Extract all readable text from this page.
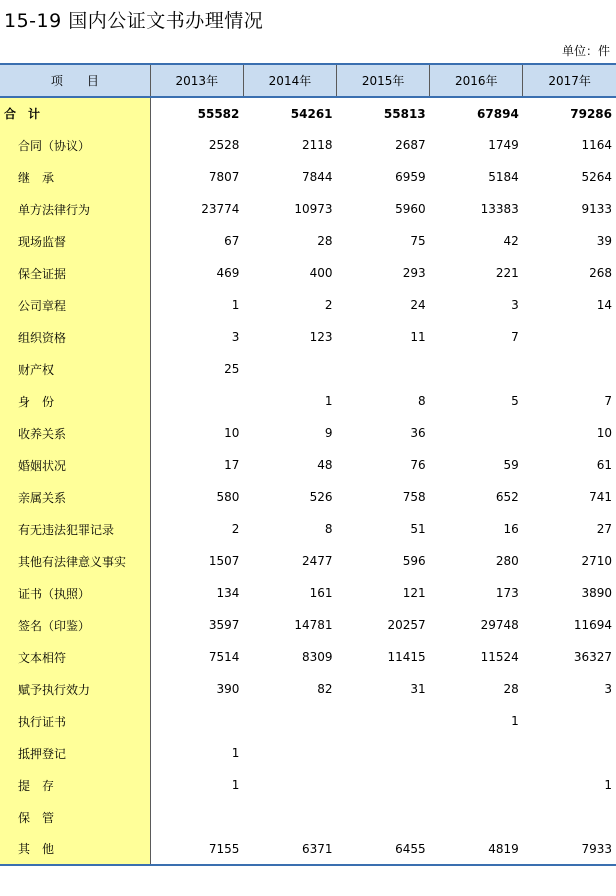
15-19 国内公证文书办理情况
单位：件
项　　目	2013年	2014年	2015年	2016年	2017年
合　计	55582	54261	55813	67894	79286
合同（协议）	2528	2118	2687	1749	1164
继　承	7807	7844	6959	5184	5264
单方法律行为	23774	10973	5960	13383	9133
现场监督	67	28	75	42	39
保全证据	469	400	293	221	268
公司章程	1	2	24	3	14
组织资格	3	123	11	7	
财产权	25				
身　份		1	8	5	7
收养关系	10	9	36		10
婚姻状况	17	48	76	59	61
亲属关系	580	526	758	652	741
有无违法犯罪记录	2	8	51	16	27
其他有法律意义事实	1507	2477	596	280	2710
证书（执照）	134	161	121	173	3890
签名（印鉴）	3597	14781	20257	29748	11694
文本相符	7514	8309	11415	11524	36327
赋予执行效力	390	82	31	28	3
执行证书				1	
抵押登记	1				
提　存	1				1
保　管					
其　他	7155	6371	6455	4819	7933
